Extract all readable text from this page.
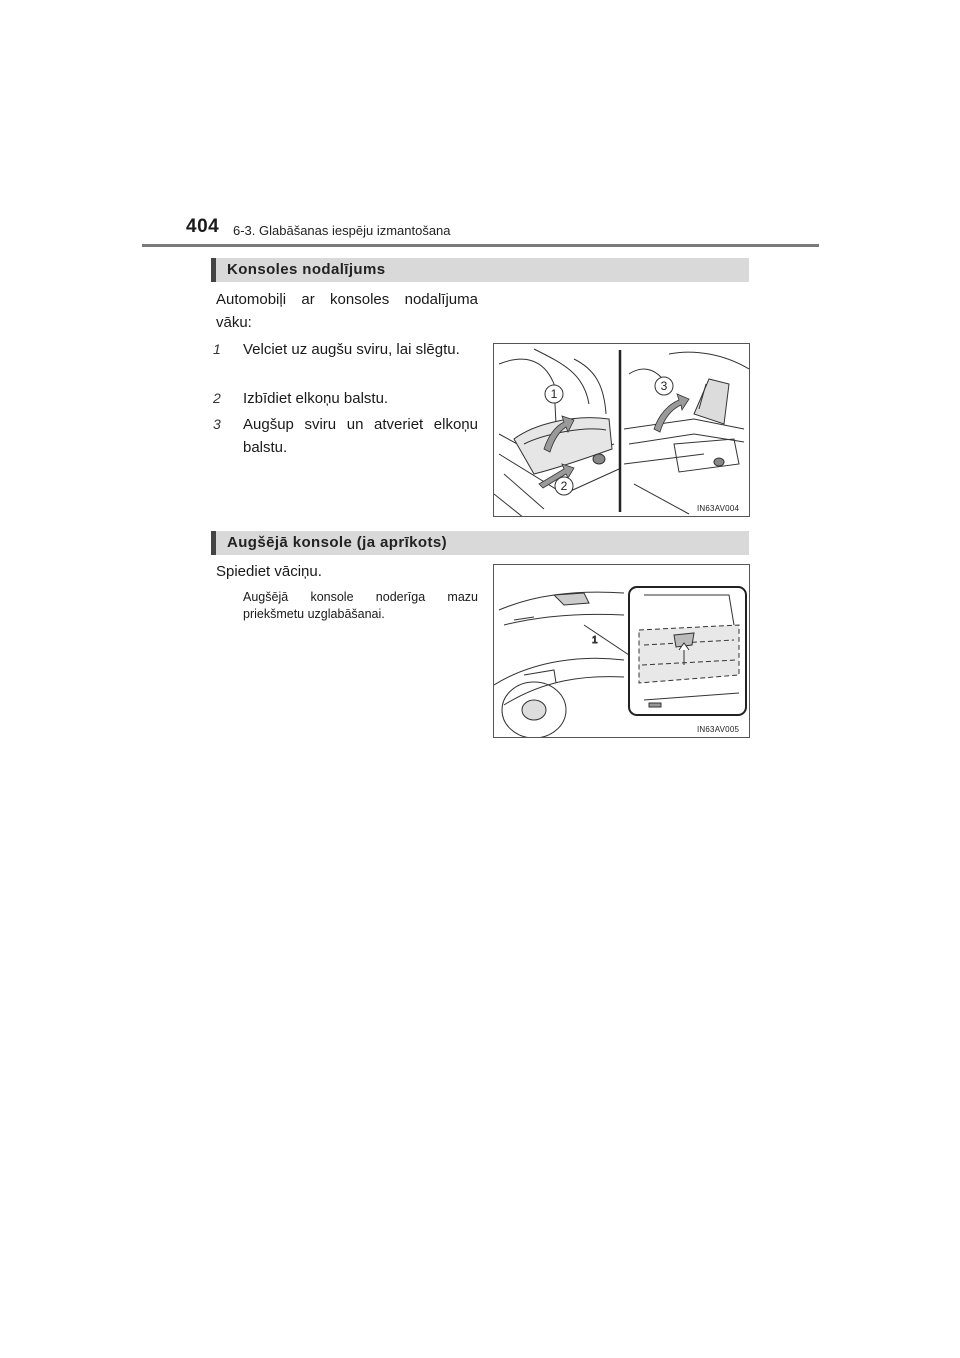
404 6-3. Glabāšanas iespēju izmantošana
Konsoles nodalījums
Automobiļi ar konsoles nodalījuma vāku:
1 Velciet uz augšu sviru, lai slēgtu.
2 Izbīdiet elkoņu balstu.
3 Augšup sviru un atveriet elkoņu balstu.
1
2
3
IN63AV004
Augšējā konsole (ja aprīkots)
Spiediet vāciņu.
Augšējā konsole noderīga mazu priekšmetu uzglabāšanai.
1
IN63AV005
